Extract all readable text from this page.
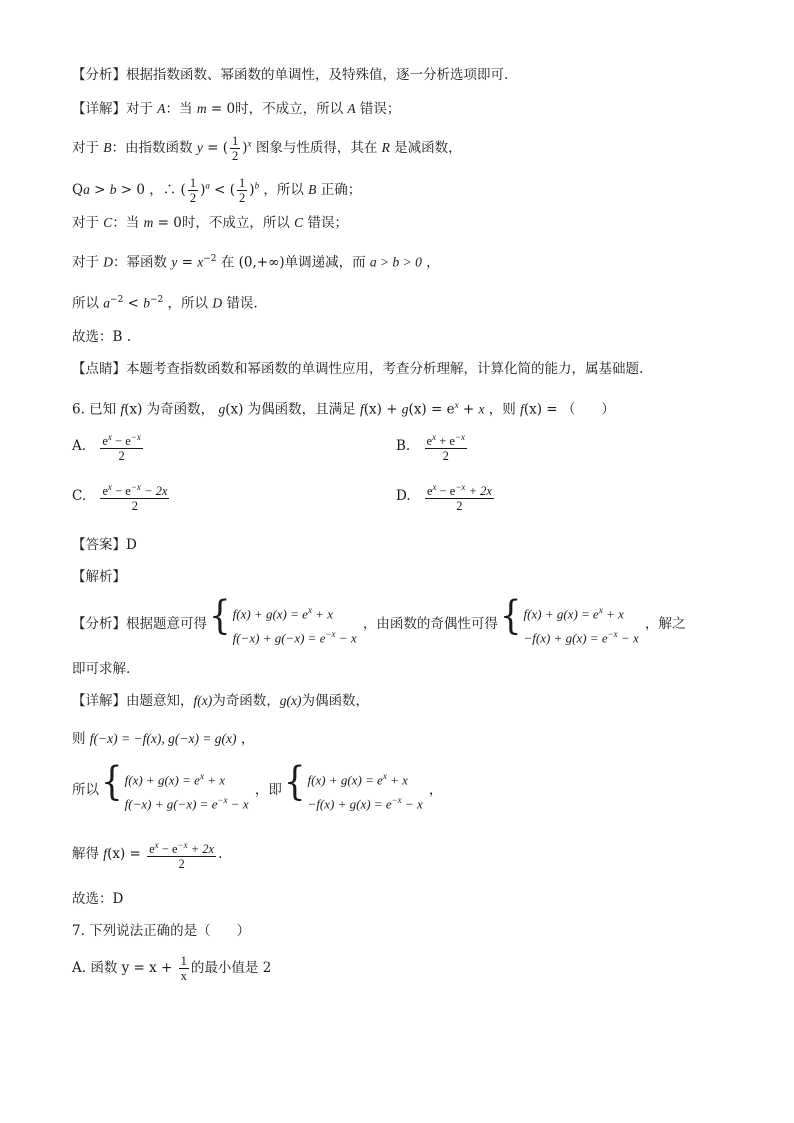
【分析】根据指数函数、幂函数的单调性，及特殊值，逐一分析选项即可.
【详解】对于 A：当 m = 0时，不成立，所以 A 错误；
对于 B：由指数函数 y = ( $\frac{1}{2} )^x$ 图象与性质得，其在 R 是减函数，
Qa > b > 0 ，∴ ( $\frac{1}{2} )^a$ < ( $\frac{1}{2} )^b$ ，所以 B 正确；
对于 C：当 m = 0时，不成立，所以 C 错误；
对于 D：幂函数 $y = x^{-2}$ 在 (0,+∞)单调递减，而 a > b > 0 ，
所以 $a^{-2} < b^{-2}$ ，所以 D 错误.
故选：B .
【点睛】本题考查指数函数和幂函数的单调性应用，考查分析理解，计算化简的能力，属基础题.
6. 已知 f(x) 为奇函数， g(x) 为偶函数，且满足 $f(x) + g(x) = e^x + x$ ，则 f(x) = （ ）
A. $\frac{e^x - e^{-x}}{2}$	B. $\frac{e^x + e^{-x}}{2}$
C. $\frac{e^x - e^{-x} - 2x}{2}$	D. $\frac{e^x - e^{-x} + 2x}{2}$
【答案】D
【解析】
【分析】根据题意可得 { $f(x) + g(x) = e^x + x$
$f(-x) + g(-x) = e^{-x} - x$
，由函数的奇偶性可得 { $f(x) + g(x) = e^x + x$
$-f(x) + g(x) = e^{-x} - x$
，解之
即可求解.
【详解】由题意知，f(x)为奇函数，g(x)为偶函数，
则 f(−x) = −f(x), g(−x) = g(x) ，
所以 { $f(x) + g(x) = e^x + x$
$f(-x) + g(-x) = e^{-x} - x$
，即 { $f(x) + g(x) = e^x + x$
$-f(x) + g(x) = e^{-x} - x$
，
解得 $f(x) = \frac{e^x - e^{-x} + 2x}{2}$ .
故选：D
7. 下列说法正确的是（ ）
A. 函数 $y = x + \frac{1}{x}$ 的最小值是 2
